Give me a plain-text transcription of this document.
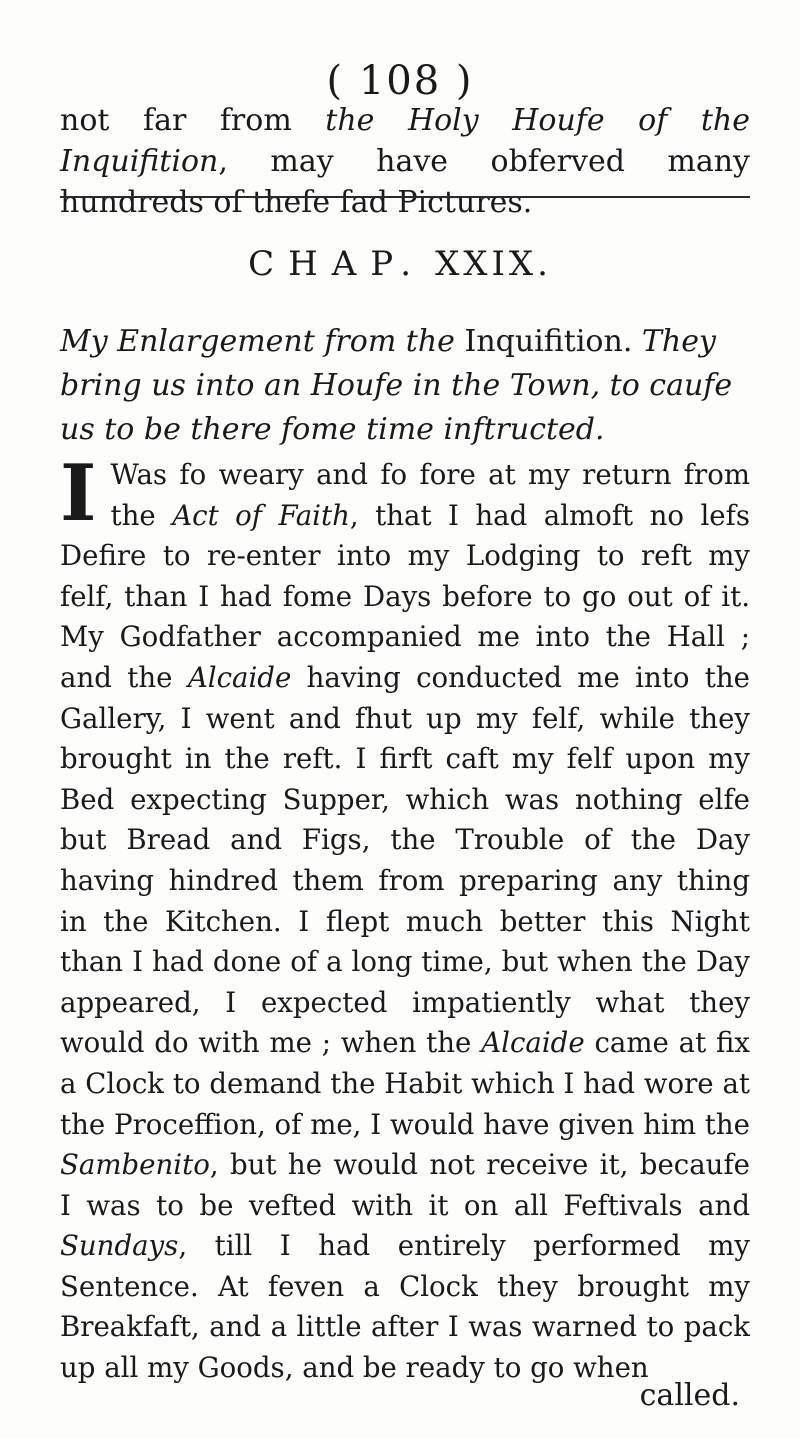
( 108 )

not far from the Holy Houfe of the Inquifition, may have obferved many hundreds of thefe fad Pictures.

CHAP. XXIX.

My Enlargement from the Inquifition. They bring us into an Houfe in the Town, to caufe us to be there fome time inftructed.

I Was fo weary and fo fore at my return from the Act of Faith, that I had almoft no lefs Defire to re-enter into my Lodging to reft my felf, than I had fome Days before to go out of it. My Godfather accompanied me into the Hall ; and the Alcaide having conducted me into the Gallery, I went and fhut up my felf, while they brought in the reft. I firft caft my felf upon my Bed expecting Supper, which was nothing elfe but Bread and Figs, the Trouble of the Day having hindred them from preparing any thing in the Kitchen. I flept much better this Night than I had done of a long time, but when the Day appeared, I expected impatiently what they would do with me ; when the Alcaide came at fix a Clock to demand the Habit which I had wore at the Proceffion, of me, I would have given him the Sambenito, but he would not receive it, becaufe I was to be vefted with it on all Feftivals and Sundays, till I had entirely performed my Sentence. At feven a Clock they brought my Breakfaft, and a little after I was warned to pack up all my Goods, and be ready to go when

called.
